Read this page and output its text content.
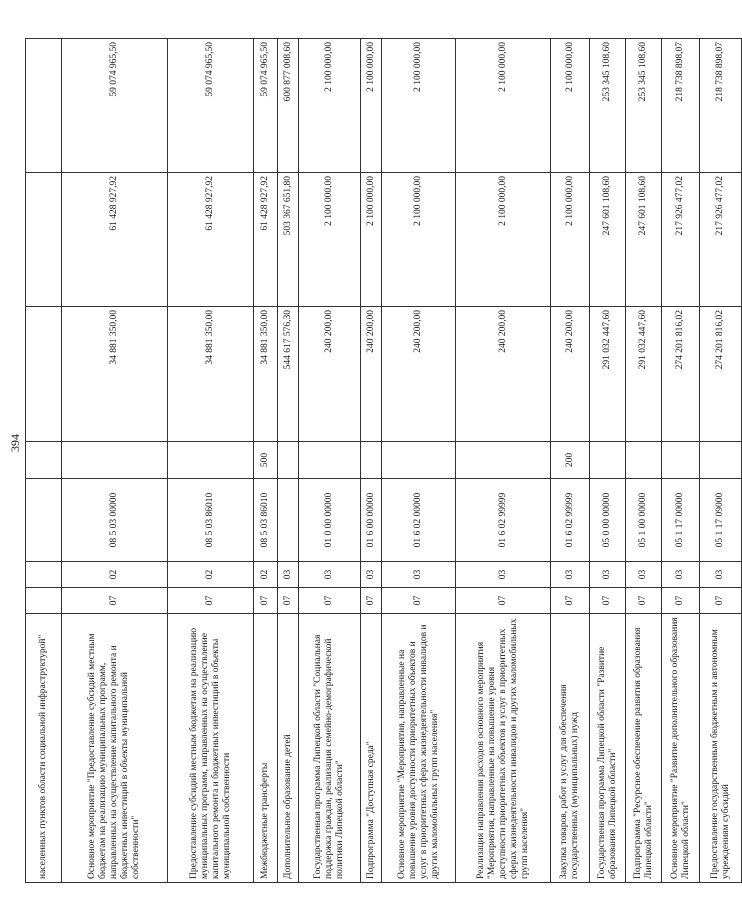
394
населенных пунктов области социальной инфраструктурой"							
Основное мероприятие "Предоставление субсидий местным бюджетам на реализацию муниципальных программ, направленных на осуществление капитального ремонта и бюджетных инвестиций в объекты муниципальной собственности"	07	02	08 5 03 00000		34 881 350,00	61 428 927,92	59 074 965,50
Предоставление субсидий местным бюджетам на реализацию муниципальных программ, направленных на осуществление капитального ремонта и бюджетных инвестиций в объекты муниципальной собственности	07	02	08 5 03 86010		34 881 350,00	61 428 927,92	59 074 965,50
Межбюджетные трансферты	07	02	08 5 03 86010	500	34 881 350,00	61 428 927,92	59 074 965,50
Дополнительное образование детей	07	03			544 617 576,30	503 367 651,80	600 877 008,60
Государственная программа Липецкой области "Социальная поддержка граждан, реализация семейно-демографической политики Липецкой области"	07	03	01 0 00 00000		240 200,00	2 100 000,00	2 100 000,00
Подпрограмма "Доступная среда"	07	03	01 6 00 00000		240 200,00	2 100 000,00	2 100 000,00
Основное мероприятие "Мероприятия, направленные на повышение уровня доступности приоритетных объектов и услуг в приоритетных сферах жизнедеятельности инвалидов и других маломобильных групп населения"	07	03	01 6 02 00000		240 200,00	2 100 000,00	2 100 000,00
Реализация направления расходов основного мероприятия "Мероприятия, направленные на повышение уровня доступности приоритетных объектов и услуг в приоритетных сферах жизнедеятельности инвалидов и других маломобильных групп населения"	07	03	01 6 02 99999		240 200,00	2 100 000,00	2 100 000,00
Закупка товаров, работ и услуг для обеспечения государственных (муниципальных) нужд	07	03	01 6 02 99999	200	240 200,00	2 100 000,00	2 100 000,00
Государственная программа Липецкой области "Развитие образования Липецкой области"	07	03	05 0 00 00000		291 032 447,60	247 601 108,60	253 345 108,60
Подпрограмма "Ресурсное обеспечение развития образования Липецкой области"	07	03	05 1 00 00000		291 032 447,60	247 601 108,60	253 345 108,60
Основное мероприятие "Развитие дополнительного образования Липецкой области"	07	03	05 1 17 00000		274 201 816,02	217 926 477,02	218 738 898,07
Предоставление государственным бюджетным и автономным учреждениям субсидий	07	03	05 1 17 09000		274 201 816,02	217 926 477,02	218 738 898,07
